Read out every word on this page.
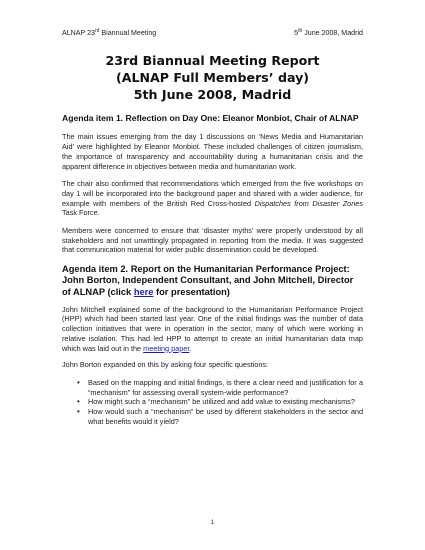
ALNAP 23rd Biannual Meeting	5th June 2008, Madrid
23rd Biannual Meeting Report
(ALNAP Full Members’ day)
5th June 2008, Madrid

Agenda item 1. Reflection on Day One: Eleanor Monbiot, Chair of ALNAP

The main issues emerging from the day 1 discussions on ‘News Media and Humanitarian Aid’ were highlighted by Eleanor Monbiot. These included challenges of citizen journalism, the importance of transparency and accountability during a humanitarian crisis and the apparent difference in objectives between media and humanitarian work.

The chair also confirmed that recommendations which emerged from the five workshops on day 1 will be incorporated into the background paper and shared with a wider audience, for example with members of the British Red Cross-hosted Dispatches from Disaster Zones Task Force.

Members were concerned to ensure that ‘disaster myths’ were properly understood by all stakeholders and not unwittingly propagated in reporting from the media. It was suggested that communication material for wider public dissemination could be developed.

Agenda item 2. Report on the Humanitarian Performance Project: John Borton, Independent Consultant, and John Mitchell, Director of ALNAP (click here for presentation)

John Mitchell explained some of the background to the Humanitarian Performance Project (HPP) which had been started last year. One of the initial findings was the number of data collection initiatives that were in operation in the sector, many of which were working in relative isolation. This had led HPP to attempt to create an initial humanitarian data map which was laid out in the meeting paper.

John Borton expanded on this by asking four specific questions:

• Based on the mapping and initial findings, is there a clear need and justification for a “mechanism” for assessing overall system-wide performance?
• How might such a “mechanism” be utilized and add value to existing mechanisms?
• How would such a “mechanism” be used by different stakeholders in the sector and what benefits would it yield?
1
